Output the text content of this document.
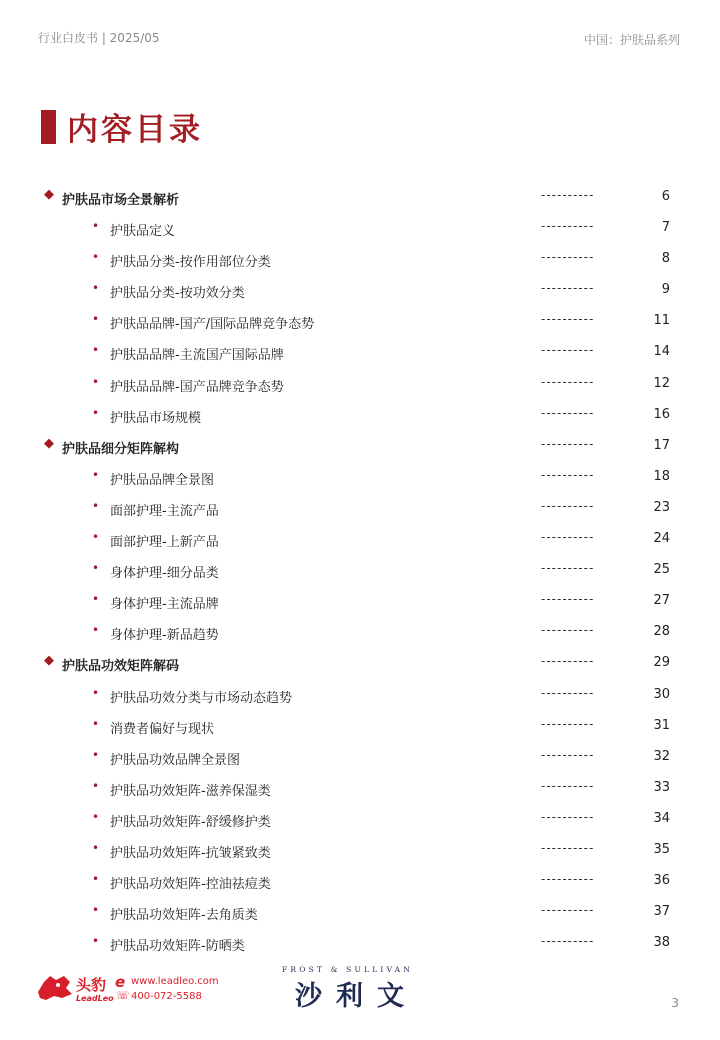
行业白皮书 | 2025/05	中国：护肤品系列
内容目录
◆ 护肤品市场全景解析	----------	6
• 护肤品定义	----------	7
• 护肤品分类-按作用部位分类	----------	8
• 护肤品分类-按功效分类	----------	9
• 护肤品品牌-国产/国际品牌竞争态势	----------	11
• 护肤品品牌-主流国产国际品牌	----------	14
• 护肤品品牌-国产品牌竞争态势	----------	12
• 护肤品市场规模	----------	16
◆ 护肤品细分矩阵解构	----------	17
• 护肤品品牌全景图	----------	18
• 面部护理-主流产品	----------	23
• 面部护理-上新产品	----------	24
• 身体护理-细分品类	----------	25
• 身体护理-主流品牌	----------	27
• 身体护理-新品趋势	----------	28
◆ 护肤品功效矩阵解码	----------	29
• 护肤品功效分类与市场动态趋势	----------	30
• 消费者偏好与现状	----------	31
• 护肤品功效品牌全景图	----------	32
• 护肤品功效矩阵-滋养保湿类	----------	33
• 护肤品功效矩阵-舒缓修护类	----------	34
• 护肤品功效矩阵-抗皱紧致类	----------	35
• 护肤品功效矩阵-控油祛痘类	----------	36
• 护肤品功效矩阵-去角质类	----------	37
• 护肤品功效矩阵-防晒类	----------	38
头豹
LeadLeo
e
☏
www.leadleo.com
400-072-5588
FROST & SULLIVAN
沙利文	3
